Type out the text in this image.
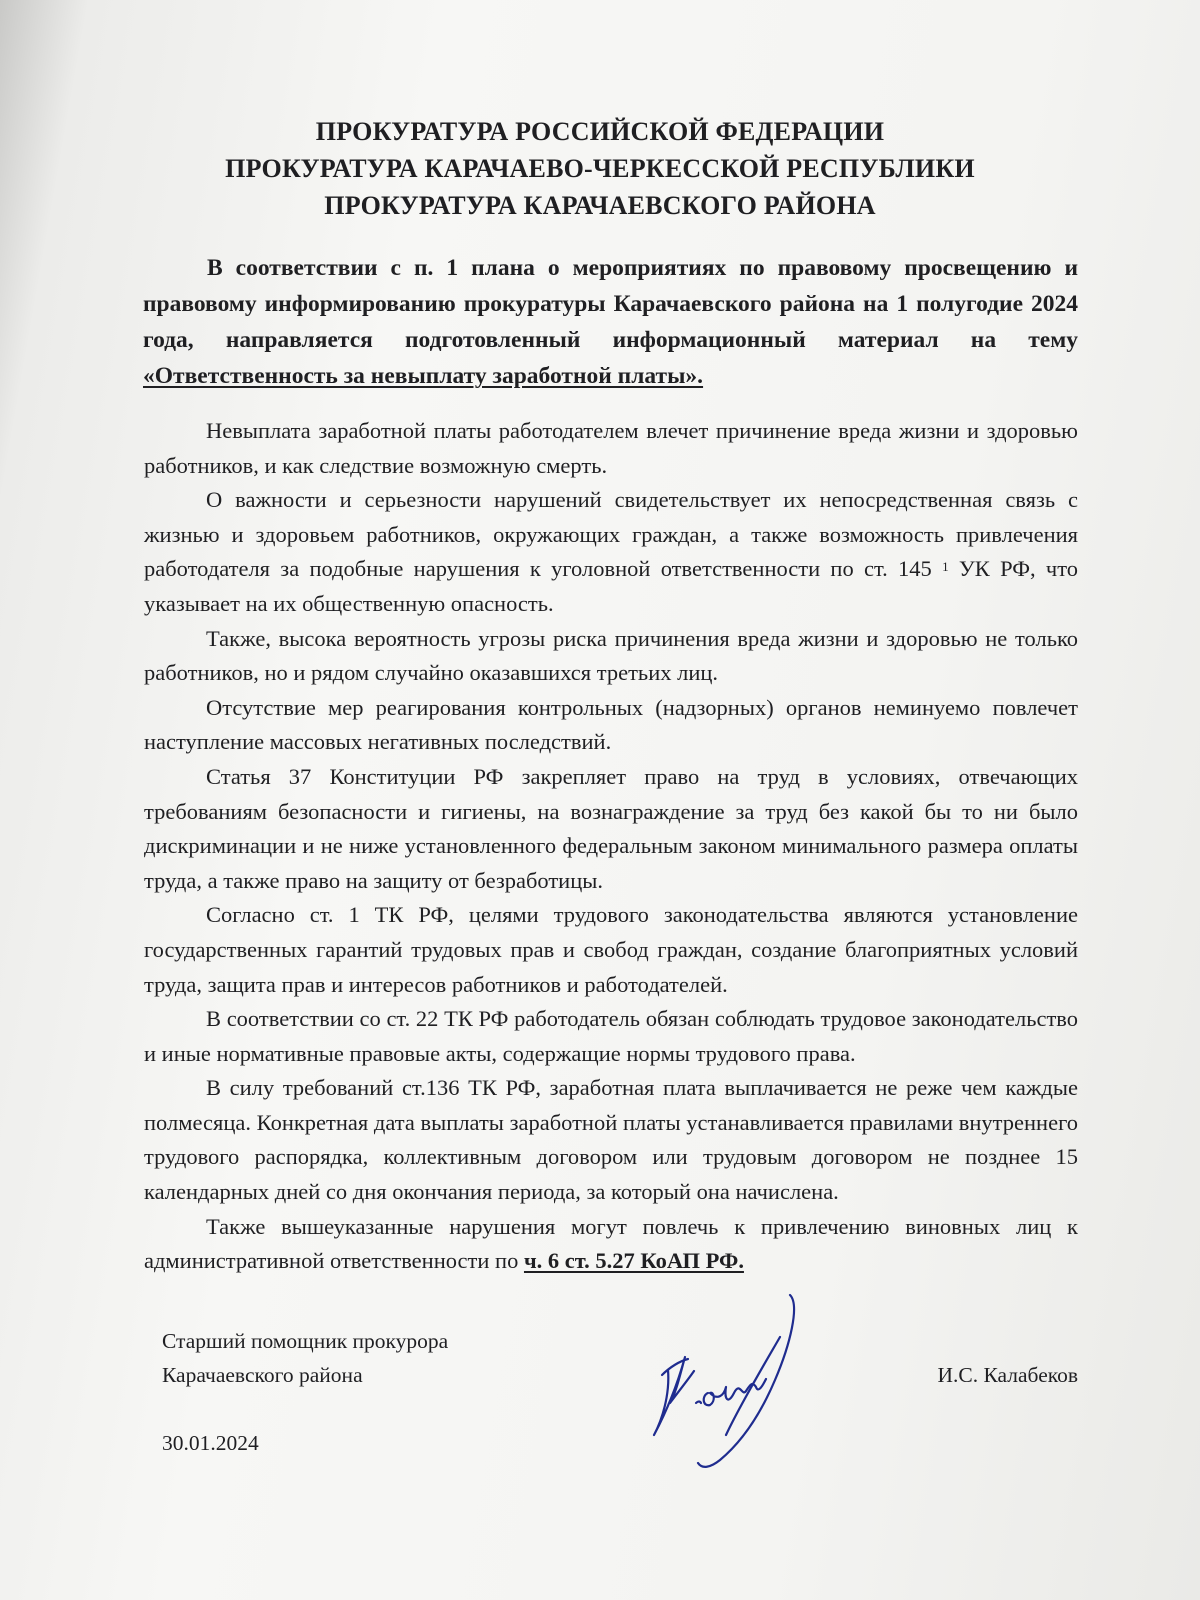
ПРОКУРАТУРА РОССИЙСКОЙ ФЕДЕРАЦИИ
ПРОКУРАТУРА КАРАЧАЕВО-ЧЕРКЕССКОЙ РЕСПУБЛИКИ
ПРОКУРАТУРА КАРАЧАЕВСКОГО РАЙОНА

В соответствии с п. 1 плана о мероприятиях по правовому просвещению и правовому информированию прокуратуры Карачаевского района на 1 полугодие 2024 года, направляется подготовленный информационный материал на тему «Ответственность за невыплату заработной платы».

Невыплата заработной платы работодателем влечет причинение вреда жизни и здоровью работников, и как следствие возможную смерть.

О важности и серьезности нарушений свидетельствует их непосредственная связь с жизнью и здоровьем работников, окружающих граждан, а также возможность привлечения работодателя за подобные нарушения к уголовной ответственности по ст. 145 $^1$ УК РФ, что указывает на их общественную опасность.

Также, высока вероятность угрозы риска причинения вреда жизни и здоровью не только работников, но и рядом случайно оказавшихся третьих лиц.

Отсутствие мер реагирования контрольных (надзорных) органов неминуемо повлечет наступление массовых негативных последствий.

Статья 37 Конституции РФ закрепляет право на труд в условиях, отвечающих требованиям безопасности и гигиены, на вознаграждение за труд без какой бы то ни было дискриминации и не ниже установленного федеральным законом минимального размера оплаты труда, а также право на защиту от безработицы.

Согласно ст. 1 ТК РФ, целями трудового законодательства являются установление государственных гарантий трудовых прав и свобод граждан, создание благоприятных условий труда, защита прав и интересов работников и работодателей.

В соответствии со ст. 22 ТК РФ работодатель обязан соблюдать трудовое законодательство и иные нормативные правовые акты, содержащие нормы трудового права.

В силу требований ст.136 ТК РФ, заработная плата выплачивается не реже чем каждые полмесяца. Конкретная дата выплаты заработной платы устанавливается правилами внутреннего трудового распорядка, коллективным договором или трудовым договором не позднее 15 календарных дней со дня окончания периода, за который она начислена.

Также вышеуказанные нарушения могут повлечь к привлечению виновных лиц к административной ответственности по ч. 6 ст. 5.27 КоАП РФ.

Старший помощник прокурора
Карачаевского района	И.С. Калабеков
30.01.2024
